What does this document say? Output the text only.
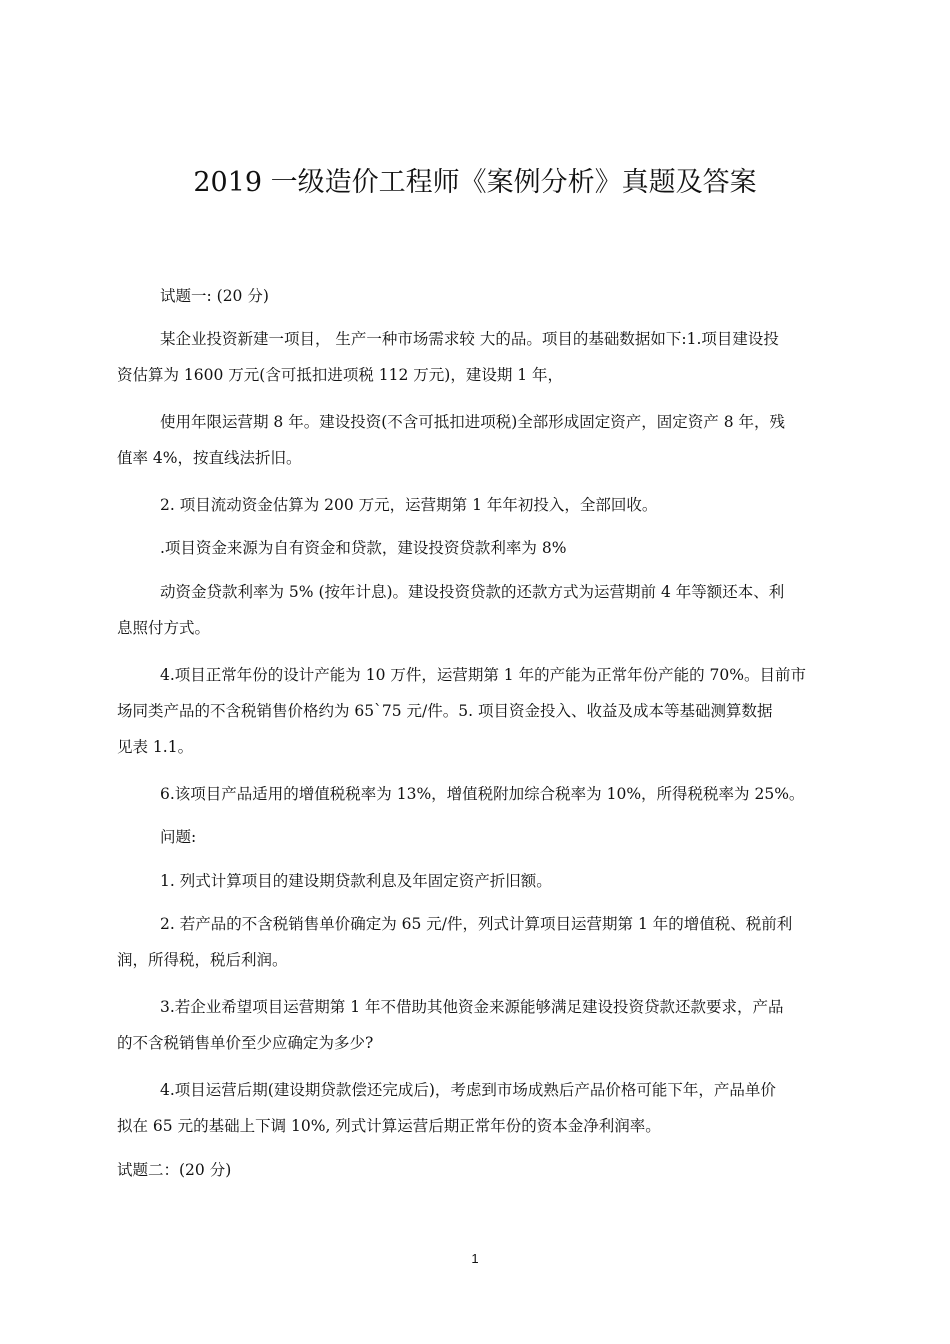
2019 一级造价工程师《案例分析》真题及答案
试题一: (20 分)
某企业投资新建一项目， 生产一种市场需求较 大的品。项目的基础数据如下:1.项目建设投
资估算为 1600 万元(含可抵扣进项税 112 万元)，建设期 1 年，
使用年限运营期 8 年。建设投资(不含可抵扣进项税)全部形成固定资产，固定资产 8 年，残
值率 4%，按直线法折旧。
2. 项目流动资金估算为 200 万元，运营期第 1 年年初投入，全部回收。
.项目资金来源为自有资金和贷款，建设投资贷款利率为 8%
动资金贷款利率为 5% (按年计息)。建设投资贷款的还款方式为运营期前 4 年等额还本、利
息照付方式。
4.项目正常年份的设计产能为 10 万件，运营期第 1 年的产能为正常年份产能的 70%。目前市
场同类产品的不含税销售价格约为 65`75 元/件。5. 项目资金投入、收益及成本等基础测算数据
见表 1.1。
6.该项目产品适用的增值税税率为 13%，增值税附加综合税率为 10%，所得税税率为 25%。
问题:
1. 列式计算项目的建设期贷款利息及年固定资产折旧额。
2. 若产品的不含税销售单价确定为 65 元/件，列式计算项目运营期第 1 年的增值税、税前利
润，所得税，税后利润。
3.若企业希望项目运营期第 1 年不借助其他资金来源能够满足建设投资贷款还款要求，产品
的不含税销售单价至少应确定为多少?
4.项目运营后期(建设期贷款偿还完成后)，考虑到市场成熟后产品价格可能下年，产品单价
拟在 65 元的基础上下调 10%, 列式计算运营后期正常年份的资本金净利润率。
试题二：(20 分)
1
